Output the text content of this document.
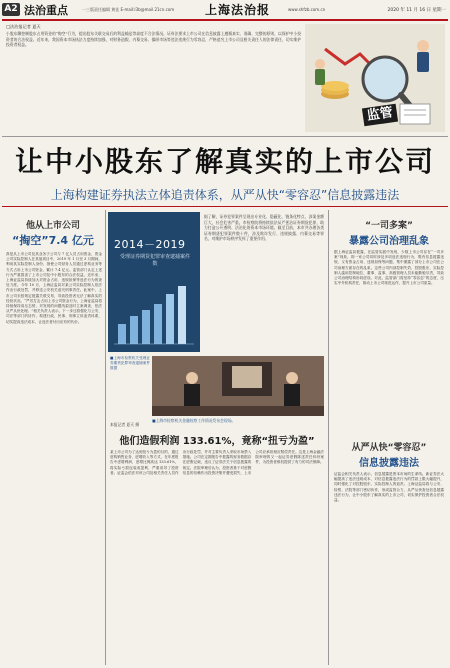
A2 法治重点	一三版责任编辑 黄佳 E-mail:l3b@mail.21cn.com	上海法治报	www.shfzb.com.cn	2020 年 11 月 16 日 星期一
□法治报记者 夏天
小股东聊控制股东占用资金的“掏空”行为，提出股东关联交易后的利益输送等高度不合法情况。证券法要求上市公司在信息披露上遵循真实、准确、完整的原则，以保护中小投资者的合法权益。近年来，我国资本市场执法力度持续加强，对财务造假、内幕交易、操纵市场等违法违规行为零容忍，严格追究上市公司及相关责任人的法律责任，切实维护投资者权益。
监管
让中小股东了解真实的上市公司
上海构建证券执法立体追责体系，从严从快“零容忍”信息披露违法
他从上市公司
“掏空”7.4 亿元
真是从上市公司及其业务子公司与 7 亿人员占用资金，资金公司实际控制人在其他项目中，2019 年 1 月至 3 月期间，利用其实际控制人身份，指使公司财务人员通过虚构业务等方式占用上市公司资金，累计 7.4 亿元。监管部门认定上述行为严重损害了上市公司及中小股东的合法权益。近年来，上海证监局持续加大对资金占用、违规担保等违法行为的查处力度。今年 10 月，上海证监局对某公司实际控制人依法作出行政处罚，并移送公安机关追究刑事责任。此案中，上市公司未按规定披露关联交易，导致投资者无法了解真实的经营状况。“严厉打击占用上市公司资金行为，上海证监局将持续保持高压态势，对发现的问题线索及时立案调查，依法从严从快处理。”相关负责人表示，下一步还将强化与公安、司法等部门的协作，构建行政、民事、刑事立体追责体系，切实提高违法成本，让违法者付出应有的代价。
2014－2019
受理证券期货犯罪审查逮捕案件数
■上海市检察机关受理证券期货犯罪审查逮捕案件数据
据了解，证券犯罪案件呈现出专业化、隐蔽化、链条化特点，涉案金额巨大，社会危害严重。市检察院将持续依法从严惩治证券期货犯罪，助力打造公开透明、法治化的资本市场环境。截至目前，本市共办理各类证券期货犯罪案件数十件，涉及欺诈发行、违规披露、内幕交易等罪名，对维护市场秩序发挥了重要作用。
■上海市检察机关金融检察工作情况发布会现场。
本报记者 夏天 摄
他们造假利润 133.61%，竟称“扭亏为盈”
某上市公司为了达到扭亏为盈的目的，通过虚构销售业务、虚增收入等方式，在年度报告中虚增利润，虚增比例高达 133.61%，将实际亏损包装成盈利，严重误导了投资者。证监会依法对该公司及相关责任人员作出行政处罚，并对主要负责人采取市场禁入措施。公司在定期报告中披露的财务数据存在虚假记载，违反了证券法关于信息披露的规定。法院审理后认为，投资者基于对虚假信息的信赖作出投资决策并遭受损失，上市公司应承担相应赔偿责任。这是上海金融法院审理的又一起证券虚假陈述责任纠纷案件，为投资者维权提供了有力的司法保障。
“一司多案”
暴露公司治理乱象
据上海证监局披露，在监管实践中发现，少数上市公司存在“一司多案”现象，即一家公司同时涉及多项违法违规行为，既有信息披露违规，又有资金占用、违规担保等问题，集中暴露了部分上市公司在公司治理方面存在的乱象。这些公司内部控制失效，控股股东、实际控制人滥用控制地位，董事、监事、高级管理人员未能勤勉尽责，导致公司治理结构形同虚设。对此，监管部门将坚持“零容忍”的态度，压实中介机构责任，推动上市公司规范运作，提升上市公司质量。
从严从快“零容忍”
信息披露违法
证监会相关负责人表示，信息披露是资本市场的生命线。新证券法大幅提高了违法违规成本，对信息披露违法行为的罚款上限大幅提升，同时强化了对控股股东、实际控制人的追责。上海证监局将与公安、检察、法院等部门密切协作，形成监管合力，从严从快查处信息披露违法行为，让中小股东了解真实的上市公司，切实保护投资者合法权益。
